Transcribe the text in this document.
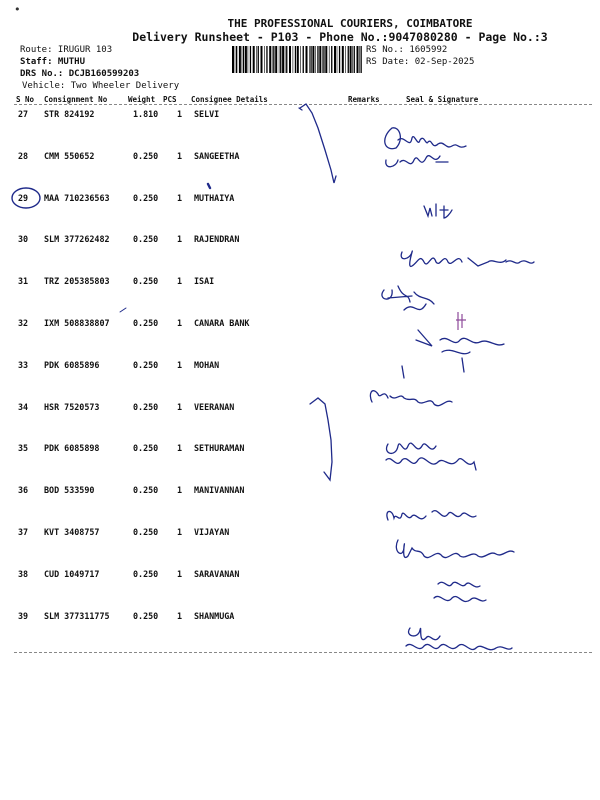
•
THE PROFESSIONAL COURIERS, COIMBATORE
Delivery Runsheet - P103 - Phone No.:9047080280 - Page No.:3
Route: IRUGUR 103
Staff: MUTHU
DRS No.: DCJB160599203
Vehicle: Two Wheeler Delivery
RS No.: 1605992
RS Date: 02-Sep-2025
S No Consignment No	Weight PCS Consignee Details	Remarks	Seal & Signature
27 STR 824192	1.810 1 SELVI
28 CMM 550652	0.250 1 SANGEETHA
29 MAA 710236563	0.250 1 MUTHAIYA
30 SLM 377262482	0.250 1 RAJENDRAN
31 TRZ 205385803	0.250 1 ISAI
32 IXM 508838807	0.250 1 CANARA BANK
33 PDK 6085896	0.250 1 MOHAN
34 HSR 7520573	0.250 1 VEERANAN
35 PDK 6085898	0.250 1 SETHURAMAN
36 BOD 533590	0.250 1 MANIVANNAN
37 KVT 3408757	0.250 1 VIJAYAN
38 CUD 1049717	0.250 1 SARAVANAN
39 SLM 377311775	0.250 1 SHANMUGA
